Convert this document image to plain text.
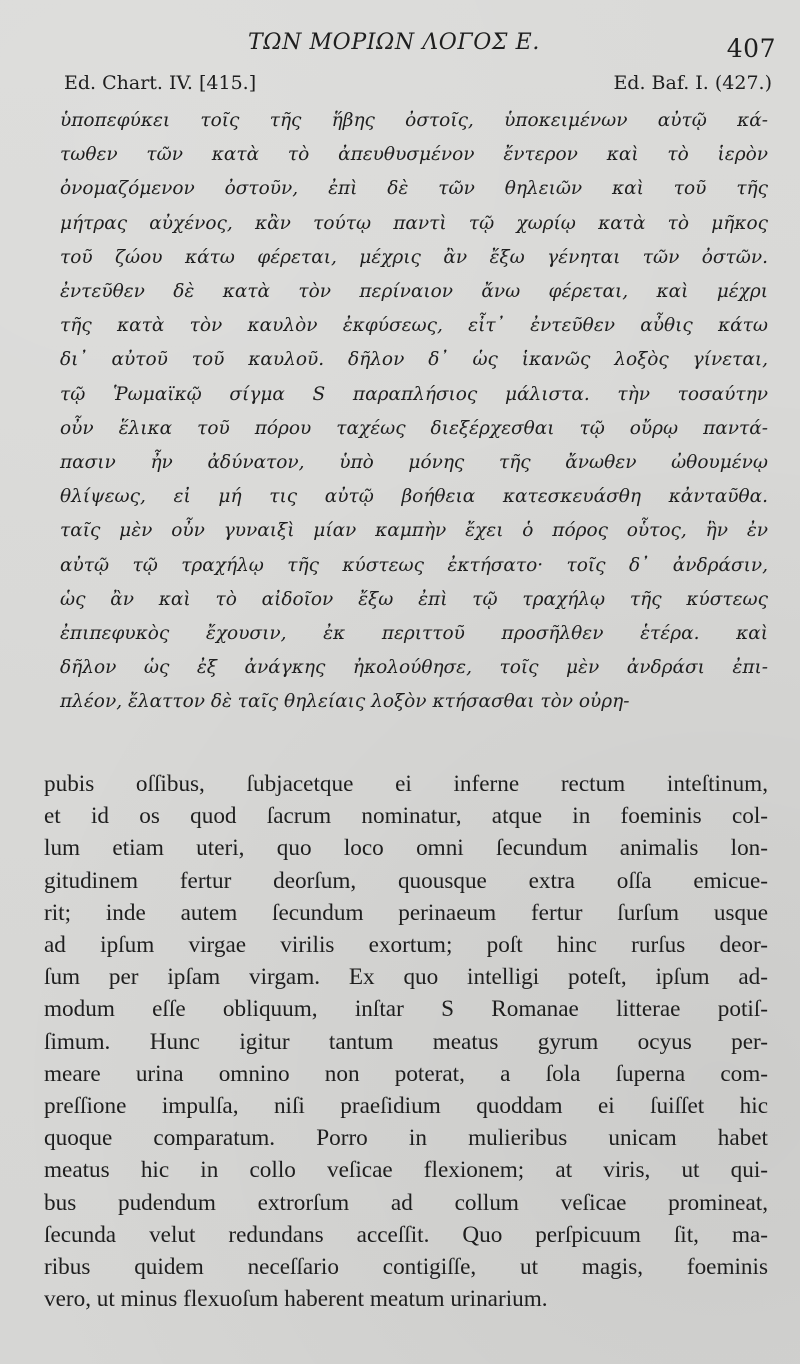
ΤΩΝ ΜΟΡΙΩΝ ΛΟΓΟΣ Ε.	407
Ed. Chart. IV. [415.]	Ed. Baf. I. (427.)
ὑποπεφύκει τοῖς τῆς ἥβης ὀστοῖς, ὑποκειμένων αὐτῷ κά-
τωθεν τῶν κατὰ τὸ ἀπευθυσμένον ἔντερον καὶ τὸ ἱερὸν
ὀνομαζόμενον ὀστοῦν, ἐπὶ δὲ τῶν θηλειῶν καὶ τοῦ τῆς
μήτρας αὐχένος, κἂν τούτῳ παντὶ τῷ χωρίῳ κατὰ τὸ μῆκος
τοῦ ζώου κάτω φέρεται, μέχρις ἂν ἔξω γένηται τῶν ὀστῶν.
ἐντεῦθεν δὲ κατὰ τὸν περίναιον ἄνω φέρεται, καὶ μέχρι
τῆς κατὰ τὸν καυλὸν ἐκφύσεως, εἶτ᾽ ἐντεῦθεν αὖθις κάτω
δι᾽ αὐτοῦ τοῦ καυλοῦ. δῆλον δ᾽ ὡς ἱκανῶς λοξὸς γίνεται,
τῷ Ῥωμαϊκῷ σίγμα S παραπλήσιος μάλιστα. τὴν τοσαύτην
οὖν ἕλικα τοῦ πόρου ταχέως διεξέρχεσθαι τῷ οὔρῳ παντά-
πασιν ἦν ἀδύνατον, ὑπὸ μόνης τῆς ἄνωθεν ὠθουμένῳ
θλίψεως, εἰ μή τις αὐτῷ βοήθεια κατεσκευάσθη κἀνταῦθα.
ταῖς μὲν οὖν γυναιξὶ μίαν καμπὴν ἔχει ὁ πόρος οὗτος, ἣν ἐν
αὐτῷ τῷ τραχήλῳ τῆς κύστεως ἐκτήσατο· τοῖς δ᾽ ἀνδράσιν,
ὡς ἂν καὶ τὸ αἰδοῖον ἔξω ἐπὶ τῷ τραχήλῳ τῆς κύστεως
ἐπιπεφυκὸς ἔχουσιν, ἐκ περιττοῦ προσῆλθεν ἑτέρα. καὶ
δῆλον ὡς ἐξ ἀνάγκης ἠκολούθησε, τοῖς μὲν ἀνδράσι ἐπι-
πλέον, ἔλαττον δὲ ταῖς θηλείαις λοξὸν κτήσασθαι τὸν οὐρη-
pubis oſſibus, ſubjacetque ei inferne rectum inteſtinum,
et id os quod ſacrum nominatur, atque in foeminis col-
lum etiam uteri, quo loco omni ſecundum animalis lon-
gitudinem fertur deorſum, quousque extra oſſa emicue-
rit; inde autem ſecundum perinaeum fertur ſurſum usque
ad ipſum virgae virilis exortum; poſt hinc rurſus deor-
ſum per ipſam virgam. Ex quo intelligi poteſt, ipſum ad-
modum eſſe obliquum, inſtar S Romanae litterae potiſ-
ſimum. Hunc igitur tantum meatus gyrum ocyus per-
meare urina omnino non poterat, a ſola ſuperna com-
preſſione impulſa, niſi praeſidium quoddam ei ſuiſſet hic
quoque comparatum. Porro in mulieribus unicam habet
meatus hic in collo veſicae flexionem; at viris, ut qui-
bus pudendum extrorſum ad collum veſicae promineat,
ſecunda velut redundans acceſſit. Quo perſpicuum ſit, ma-
ribus quidem neceſſario contigiſſe, ut magis, foeminis
vero, ut minus flexuoſum haberent meatum urinarium.
